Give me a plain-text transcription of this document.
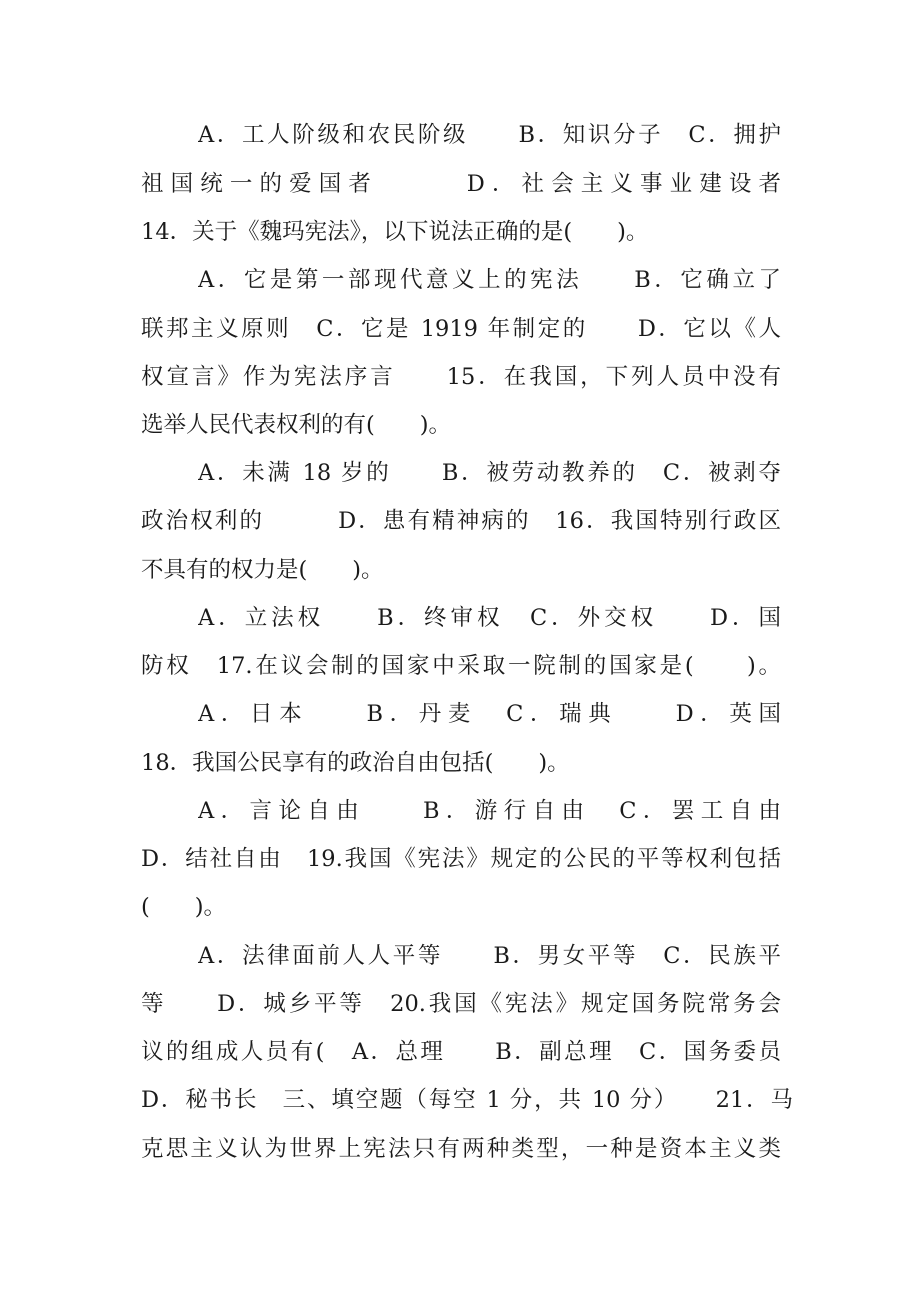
A．工人阶级和农民阶级　　B．知识分子　C．拥护
祖国统一的爱国者　　　D．社会主义事业建设者
14．关于《魏玛宪法》，以下说法正确的是(　　)。
A．它是第一部现代意义上的宪法　　B．它确立了
联邦主义原则　C．它是 1919 年制定的　　D．它以《人
权宣言》作为宪法序言　　15．在我国，下列人员中没有
选举人民代表权利的有(　　)。
A．未满 18 岁的　　B．被劳动教养的　C．被剥夺
政治权利的　　　D．患有精神病的　16．我国特别行政区
不具有的权力是(　　)。
A．立法权　　B．终审权　C．外交权　　D．国
防权　17.在议会制的国家中采取一院制的国家是(　　)。
A．日本　　B．丹麦　C．瑞典　　D．英国
18．我国公民享有的政治自由包括(　　)。
A．言论自由　　B．游行自由　C．罢工自由
D．结社自由　19.我国《宪法》规定的公民的平等权利包括
(　　)。
A．法律面前人人平等　　B．男女平等　C．民族平
等　　D．城乡平等　20.我国《宪法》规定国务院常务会
议的组成人员有(　A．总理　　B．副总理　C．国务委员
D．秘书长　三、填空题（每空 1 分，共 10 分）　　21．马
克思主义认为世界上宪法只有两种类型，一种是资本主义类
